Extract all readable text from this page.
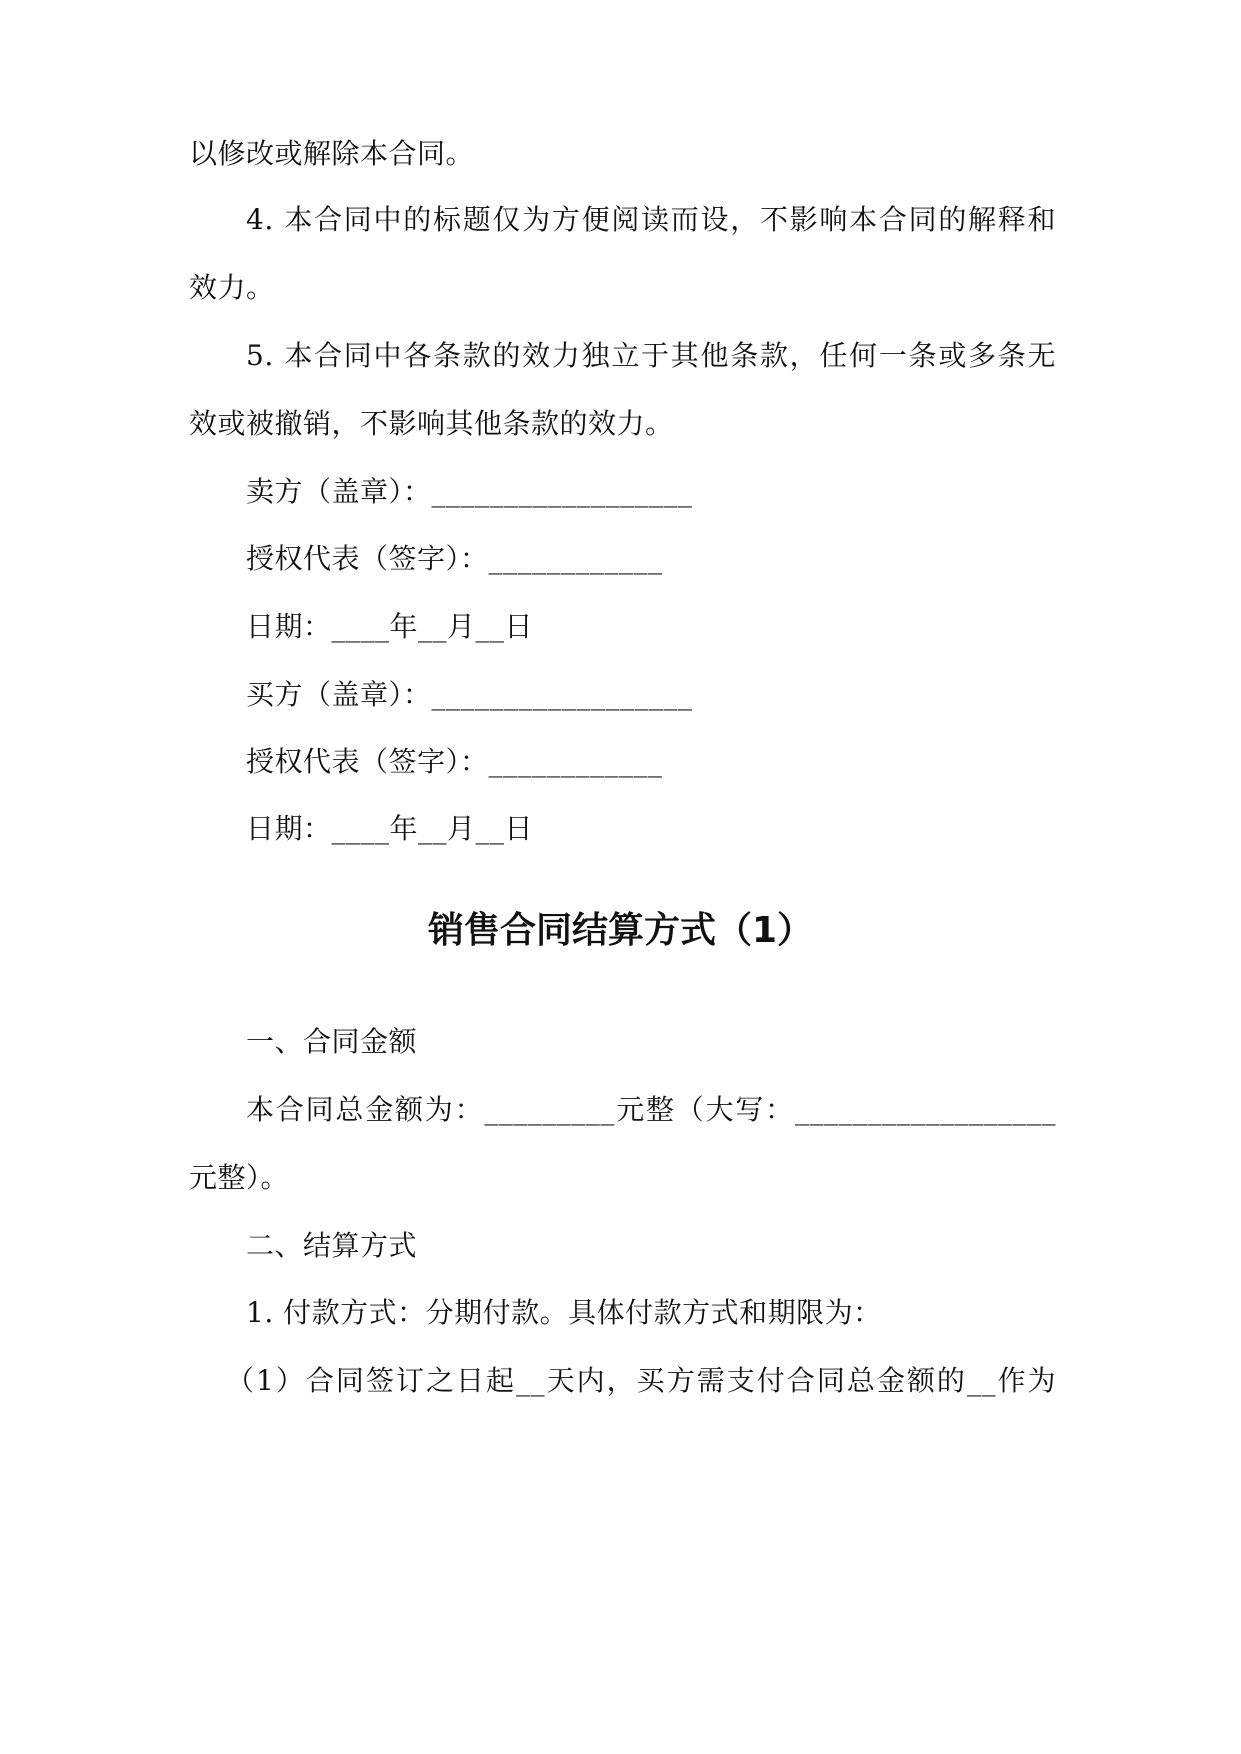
以修改或解除本合同。
4. 本合同中的标题仅为方便阅读而设，不影响本合同的解释和
效力。
5. 本合同中各条款的效力独立于其他条款，任何一条或多条无
效或被撤销，不影响其他条款的效力。
卖方（盖章）：__________________
授权代表（签字）：____________
日期：____年__月__日
买方（盖章）：__________________
授权代表（签字）：____________
日期：____年__月__日
销售合同结算方式（1）
一、合同金额
本合同总金额为：_________元整（大写：__________________
元整）。
二、结算方式
1. 付款方式：分期付款。具体付款方式和期限为：
（1）合同签订之日起__天内，买方需支付合同总金额的__作为
